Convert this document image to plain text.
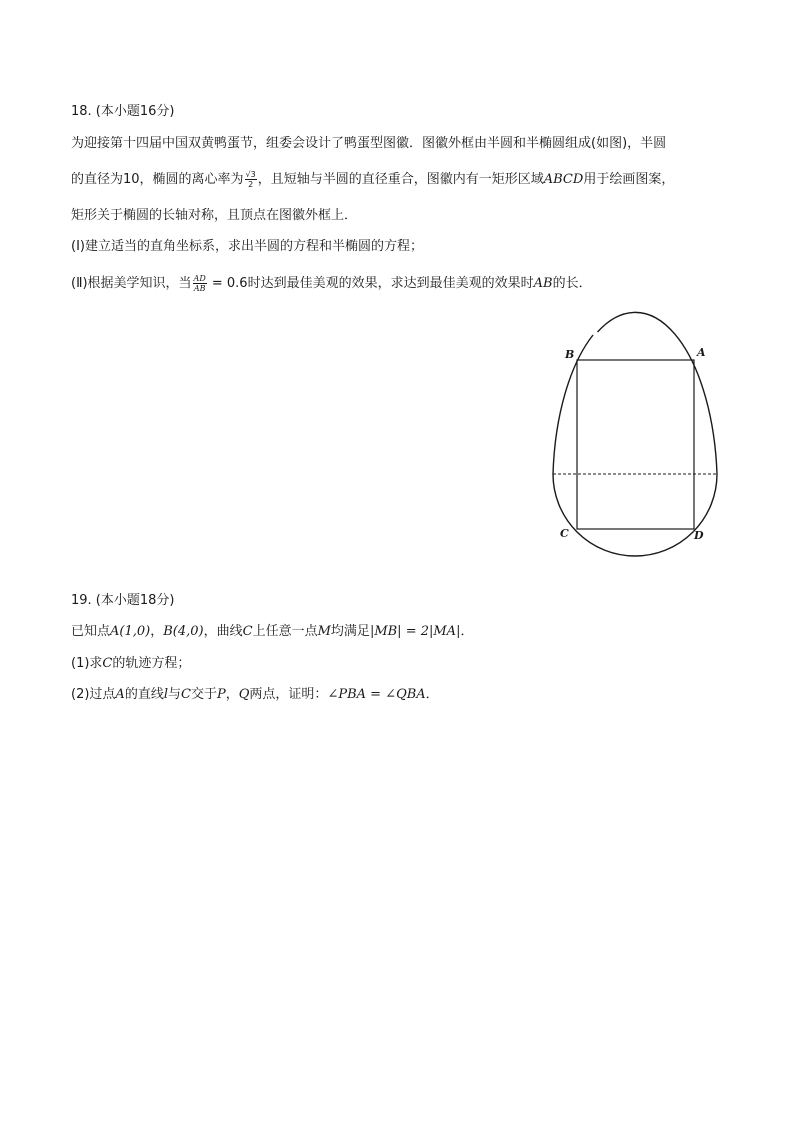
18. (本小题16分)
为迎接第十四届中国双黄鸭蛋节，组委会设计了鸭蛋型图徽．图徽外框由半圆和半椭圆组成(如图)，半圆
的直径为10，椭圆的离心率为 $\frac{√3}{2}$ ，且短轴与半圆的直径重合，图徽内有一矩形区域ABCD用于绘画图案，
矩形关于椭圆的长轴对称，且顶点在图徽外框上．
(Ⅰ)建立适当的直角坐标系，求出半圆的方程和半椭圆的方程；
(Ⅱ)根据美学知识，当 $\frac{AD}{AB} = 0.6$时达到最佳美观的效果，求达到最佳美观的效果时AB的长．
A
B
C	D
19. (本小题18分)
已知点A(1,0)，B(4,0)，曲线C上任意一点M均满足|MB| = 2|MA|．
(1)求C的轨迹方程；
(2)过点A的直线l与C交于P，Q两点，证明：∠PBA = ∠QBA．
